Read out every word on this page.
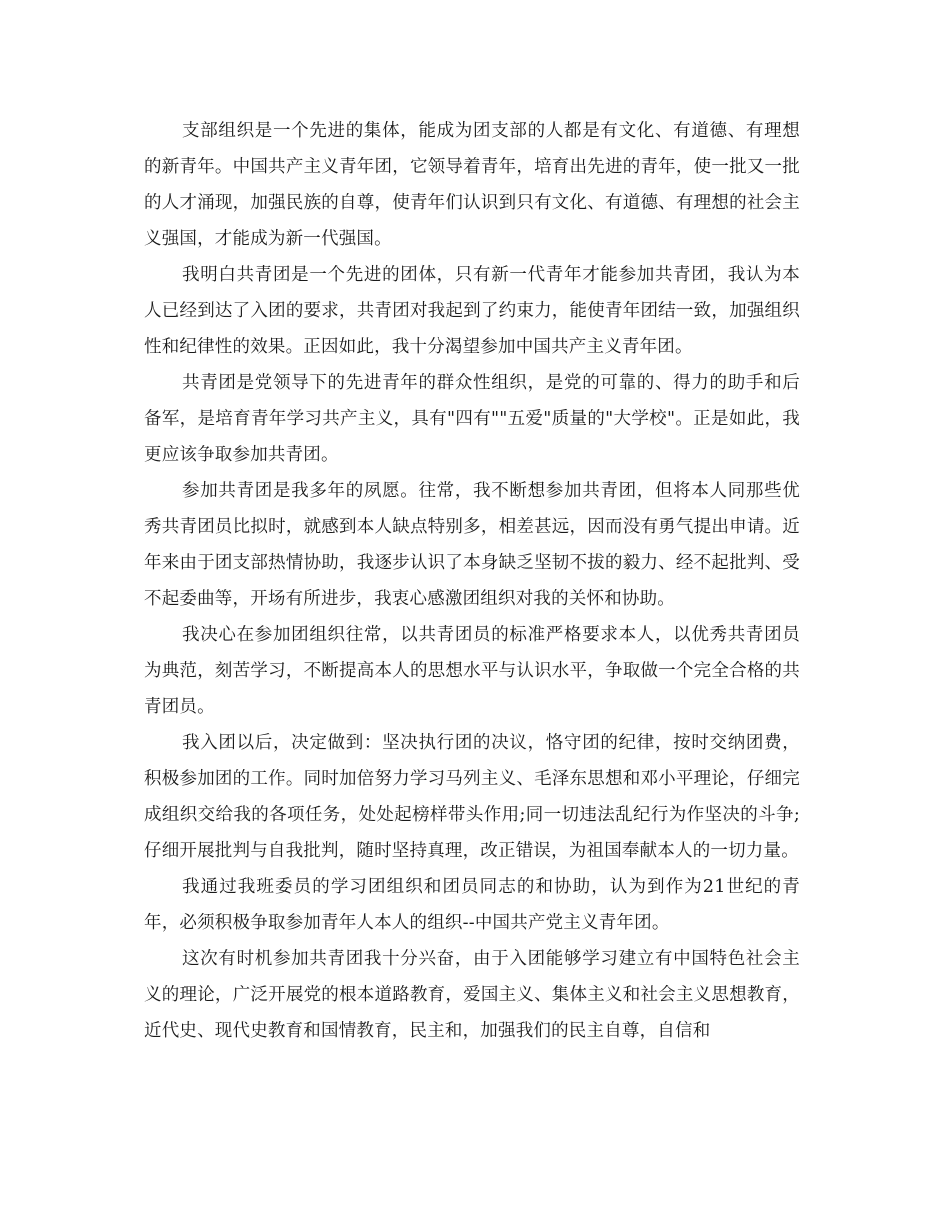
支部组织是一个先进的集体，能成为团支部的人都是有文化、有道德、有理想的新青年。中国共产主义青年团，它领导着青年，培育出先进的青年，使一批又一批的人才涌现，加强民族的自尊，使青年们认识到只有文化、有道德、有理想的社会主义强国，才能成为新一代强国。

我明白共青团是一个先进的团体，只有新一代青年才能参加共青团，我认为本人已经到达了入团的要求，共青团对我起到了约束力，能使青年团结一致，加强组织性和纪律性的效果。正因如此，我十分渴望参加中国共产主义青年团。

共青团是党领导下的先进青年的群众性组织，是党的可靠的、得力的助手和后备军，是培育青年学习共产主义，具有"四有""五爱"质量的"大学校"。正是如此，我更应该争取参加共青团。

参加共青团是我多年的夙愿。往常，我不断想参加共青团，但将本人同那些优秀共青团员比拟时，就感到本人缺点特别多，相差甚远，因而没有勇气提出申请。近年来由于团支部热情协助，我逐步认识了本身缺乏坚韧不拔的毅力、经不起批判、受不起委曲等，开场有所进步，我衷心感激团组织对我的关怀和协助。

我决心在参加团组织往常，以共青团员的标准严格要求本人，以优秀共青团员为典范，刻苦学习，不断提高本人的思想水平与认识水平，争取做一个完全合格的共青团员。

我入团以后，决定做到：坚决执行团的决议，恪守团的纪律，按时交纳团费，积极参加团的工作。同时加倍努力学习马列主义、毛泽东思想和邓小平理论，仔细完成组织交给我的各项任务，处处起榜样带头作用;同一切违法乱纪行为作坚决的斗争;仔细开展批判与自我批判，随时坚持真理，改正错误，为祖国奉献本人的一切力量。

我通过我班委员的学习团组织和团员同志的和协助，认为到作为21世纪的青年，必须积极争取参加青年人本人的组织--中国共产党主义青年团。

这次有时机参加共青团我十分兴奋，由于入团能够学习建立有中国特色社会主义的理论，广泛开展党的根本道路教育，爱国主义、集体主义和社会主义思想教育，近代史、现代史教育和国情教育，民主和，加强我们的民主自尊，自信和
